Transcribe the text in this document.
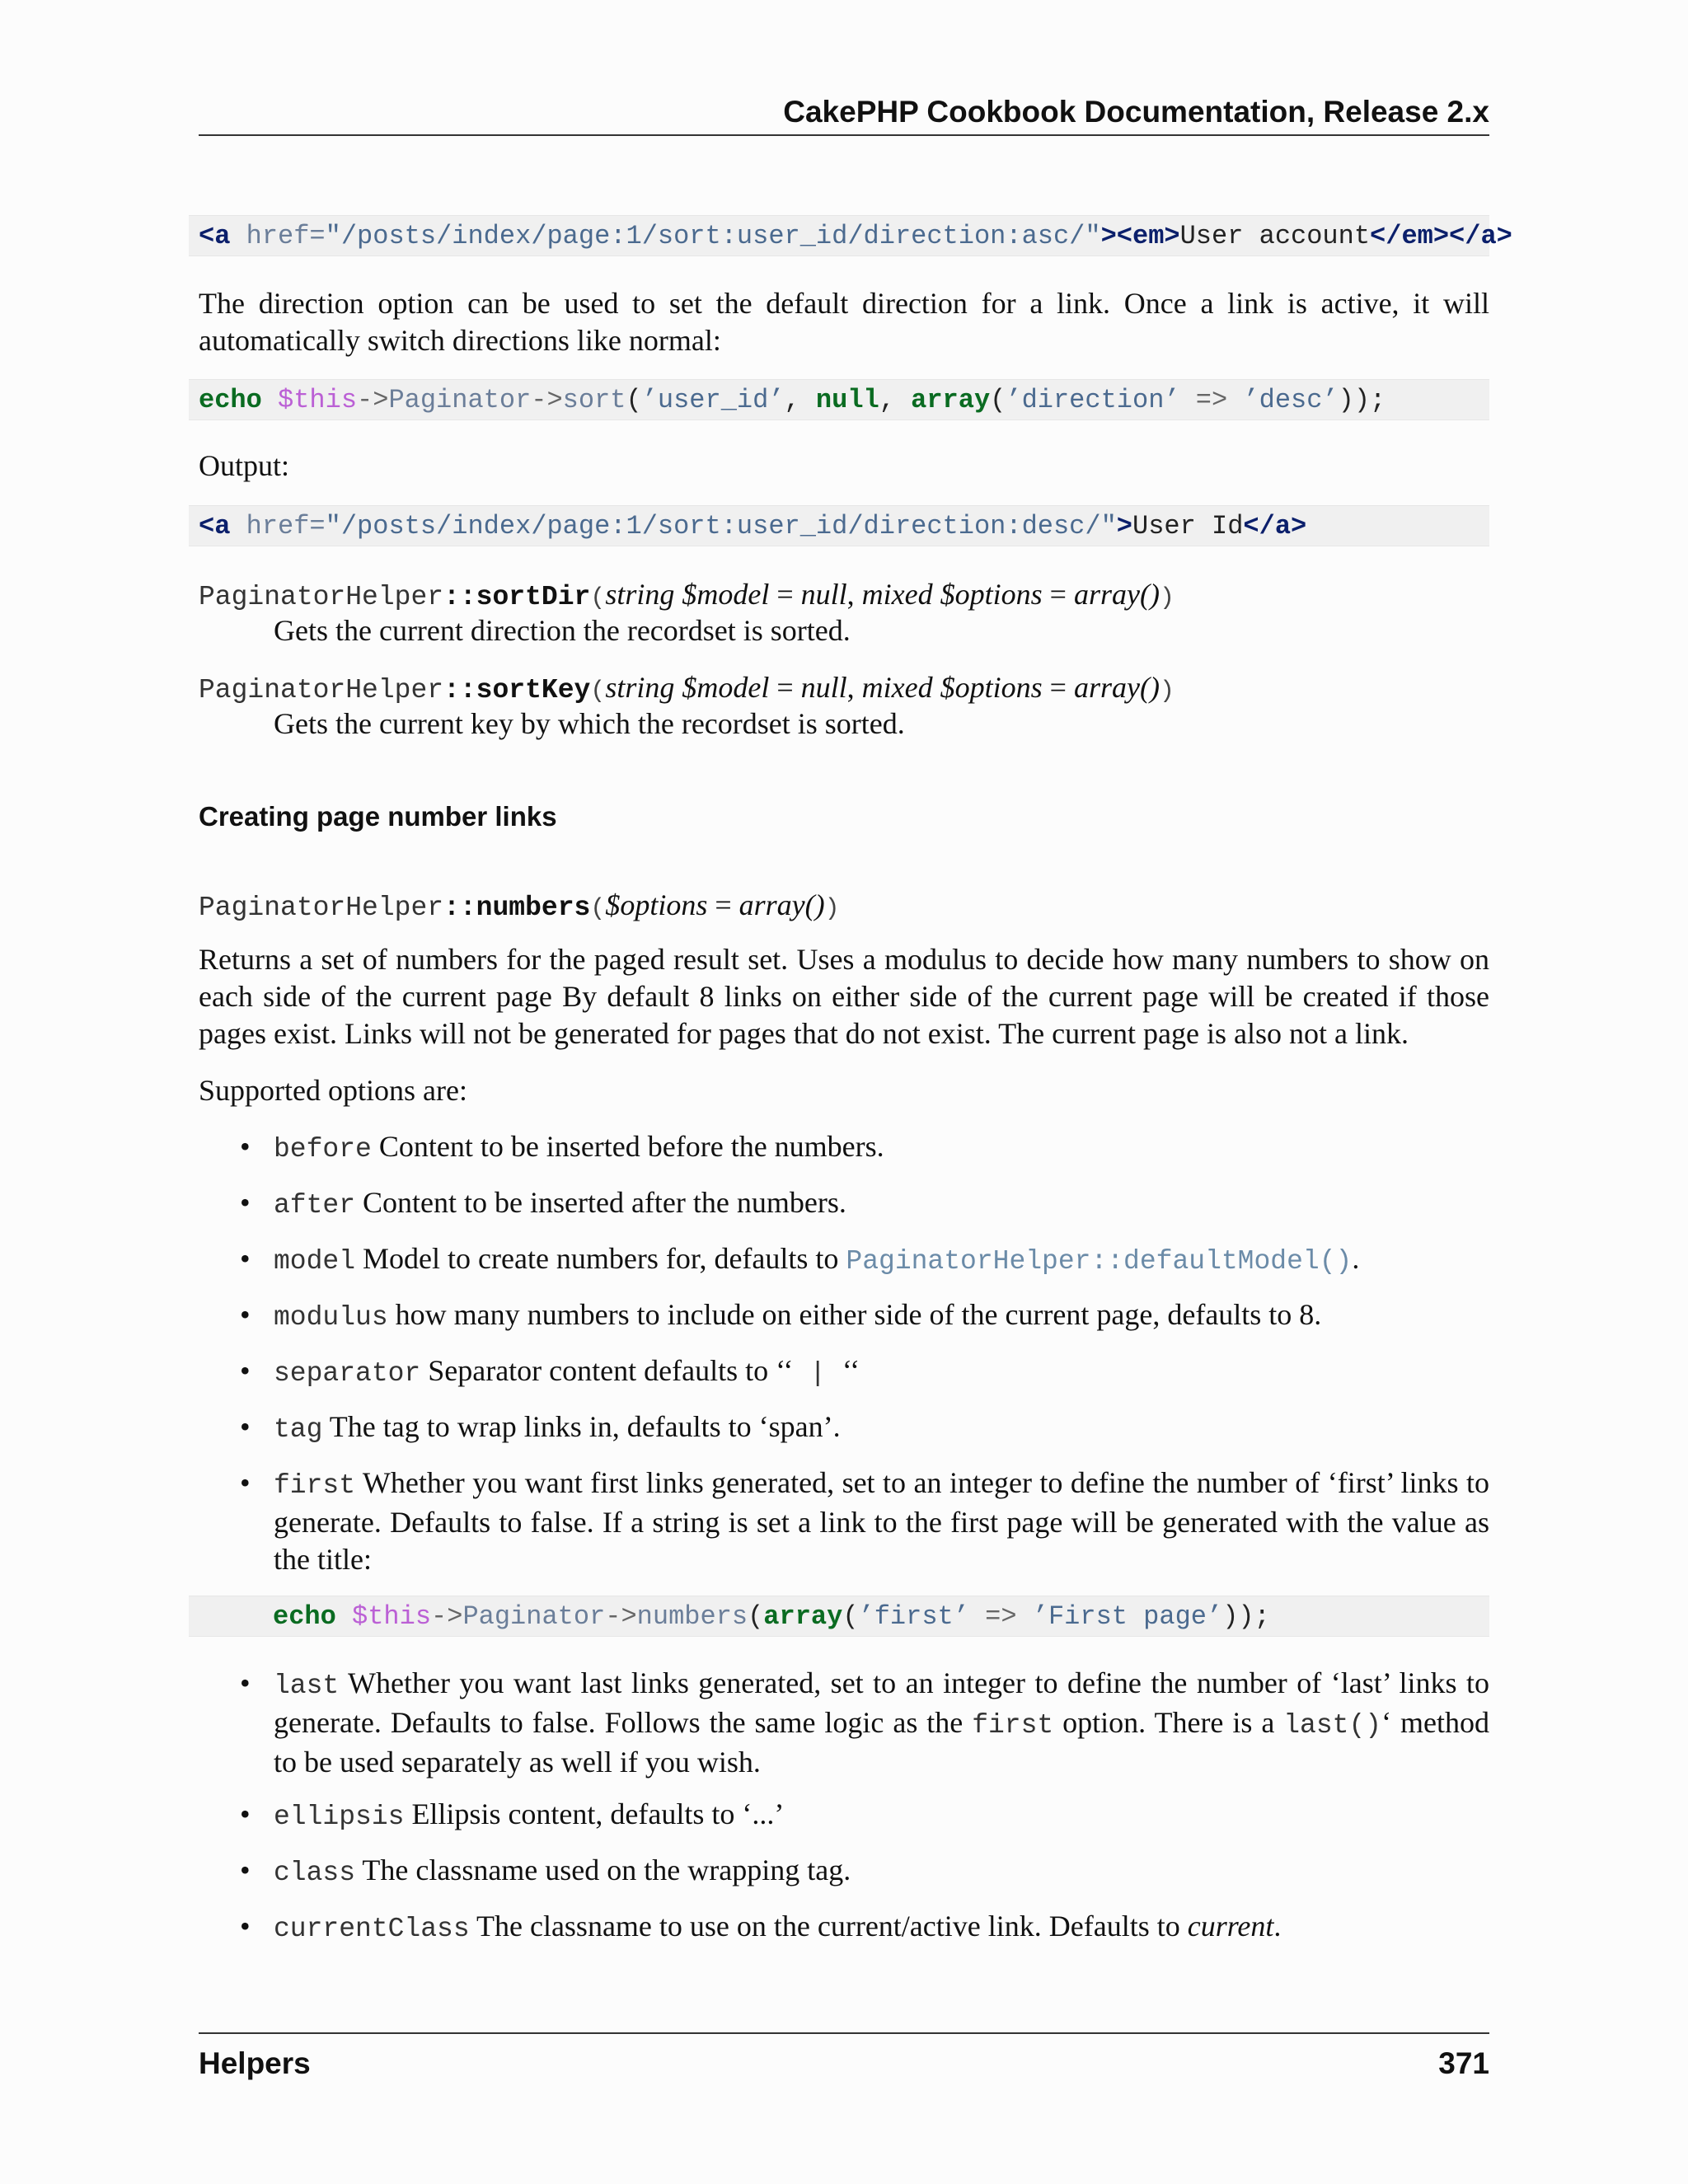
CakePHP Cookbook Documentation, Release 2.x
<a href="/posts/index/page:1/sort:user_id/direction:asc/"><em>User account</em></a>
The direction option can be used to set the default direction for a link. Once a link is active, it will automatically switch directions like normal:
echo $this->Paginator->sort(’user_id’, null, array(’direction’ => ’desc’));
Output:
<a href="/posts/index/page:1/sort:user_id/direction:desc/">User Id</a>
PaginatorHelper::sortDir(string $model = null, mixed $options = array())
Gets the current direction the recordset is sorted.
PaginatorHelper::sortKey(string $model = null, mixed $options = array())
Gets the current key by which the recordset is sorted.
Creating page number links
PaginatorHelper::numbers($options = array())
Returns a set of numbers for the paged result set. Uses a modulus to decide how many numbers to show on each side of the current page By default 8 links on either side of the current page will be created if those pages exist. Links will not be generated for pages that do not exist. The current page is also not a link.
Supported options are:
• before Content to be inserted before the numbers.
• after Content to be inserted after the numbers.
• model Model to create numbers for, defaults to PaginatorHelper::defaultModel().
• modulus how many numbers to include on either side of the current page, defaults to 8.
• separator Separator content defaults to ‘‘ | ‘‘
• tag The tag to wrap links in, defaults to ‘span’.
• first Whether you want first links generated, set to an integer to define the number of ‘first’ links to generate. Defaults to false. If a string is set a link to the first page will be generated with the value as the title:
echo $this->Paginator->numbers(array(’first’ => ’First page’));
• last Whether you want last links generated, set to an integer to define the number of ‘last’ links to generate. Defaults to false. Follows the same logic as the first option. There is a last()‘ method to be used separately as well if you wish.
• ellipsis Ellipsis content, defaults to ‘...’
• class The classname used on the wrapping tag.
• currentClass The classname to use on the current/active link. Defaults to current.
Helpers	371
